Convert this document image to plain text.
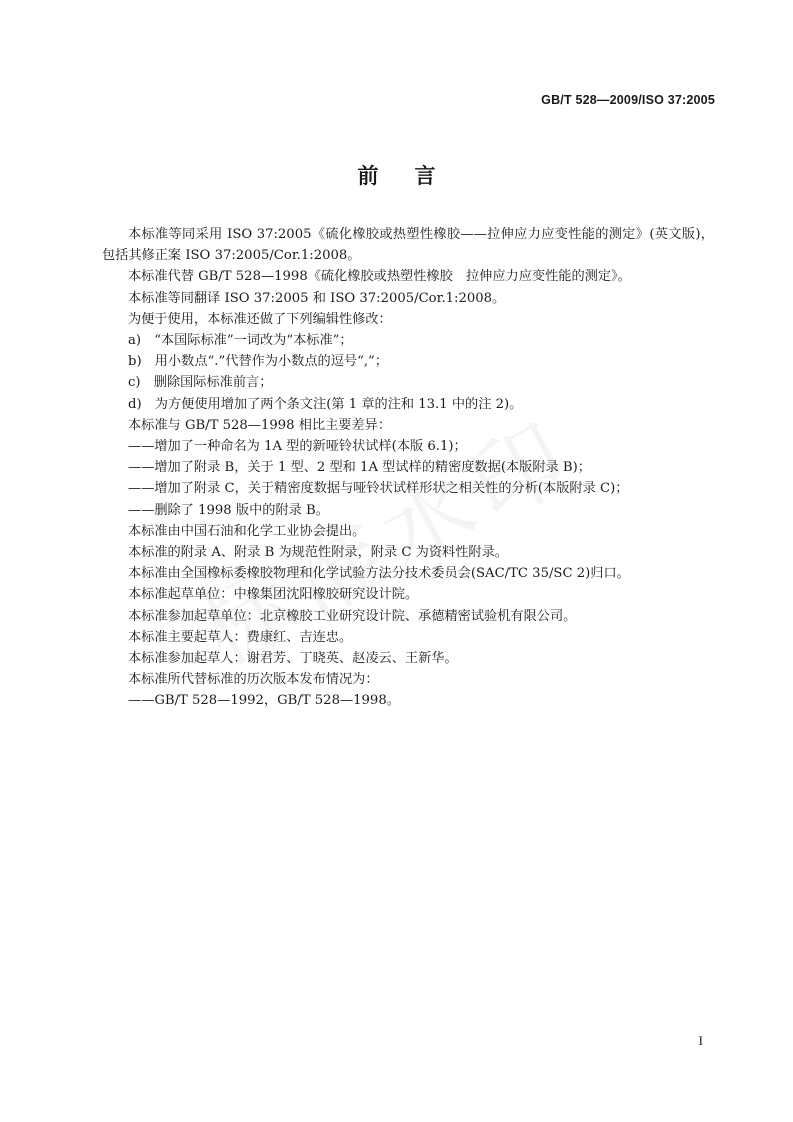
GB/T 528—2009/ISO 37:2005
前言

本标准等同采用 ISO 37:2005《硫化橡胶或热塑性橡胶——拉伸应力应变性能的测定》(英文版)，包括其修正案 ISO 37:2005/Cor.1:2008。

本标准代替 GB/T 528—1998《硫化橡胶或热塑性橡胶　拉伸应力应变性能的测定》。

本标准等同翻译 ISO 37:2005 和 ISO 37:2005/Cor.1:2008。

为便于使用，本标准还做了下列编辑性修改：

a)　“本国际标准”一词改为“本标准”；

b)　用小数点“.”代替作为小数点的逗号“,”；

c)　删除国际标准前言；

d)　为方便使用增加了两个条文注(第 1 章的注和 13.1 中的注 2)。

本标准与 GB/T 528—1998 相比主要差异：

——增加了一种命名为 1A 型的新哑铃状试样(本版 6.1)；

——增加了附录 B，关于 1 型、2 型和 1A 型试样的精密度数据(本版附录 B)；

——增加了附录 C，关于精密度数据与哑铃状试样形状之相关性的分析(本版附录 C)；

——删除了 1998 版中的附录 B。

本标准由中国石油和化学工业协会提出。

本标准的附录 A、附录 B 为规范性附录，附录 C 为资料性附录。

本标准由全国橡标委橡胶物理和化学试验方法分技术委员会(SAC/TC 35/SC 2)归口。

本标准起草单位：中橡集团沈阳橡胶研究设计院。

本标准参加起草单位：北京橡胶工业研究设计院、承德精密试验机有限公司。

本标准主要起草人：费康红、吉连忠。

本标准参加起草人：谢君芳、丁晓英、赵凌云、王新华。

本标准所代替标准的历次版本发布情况为：

——GB/T 528—1992，GB/T 528—1998。

I
